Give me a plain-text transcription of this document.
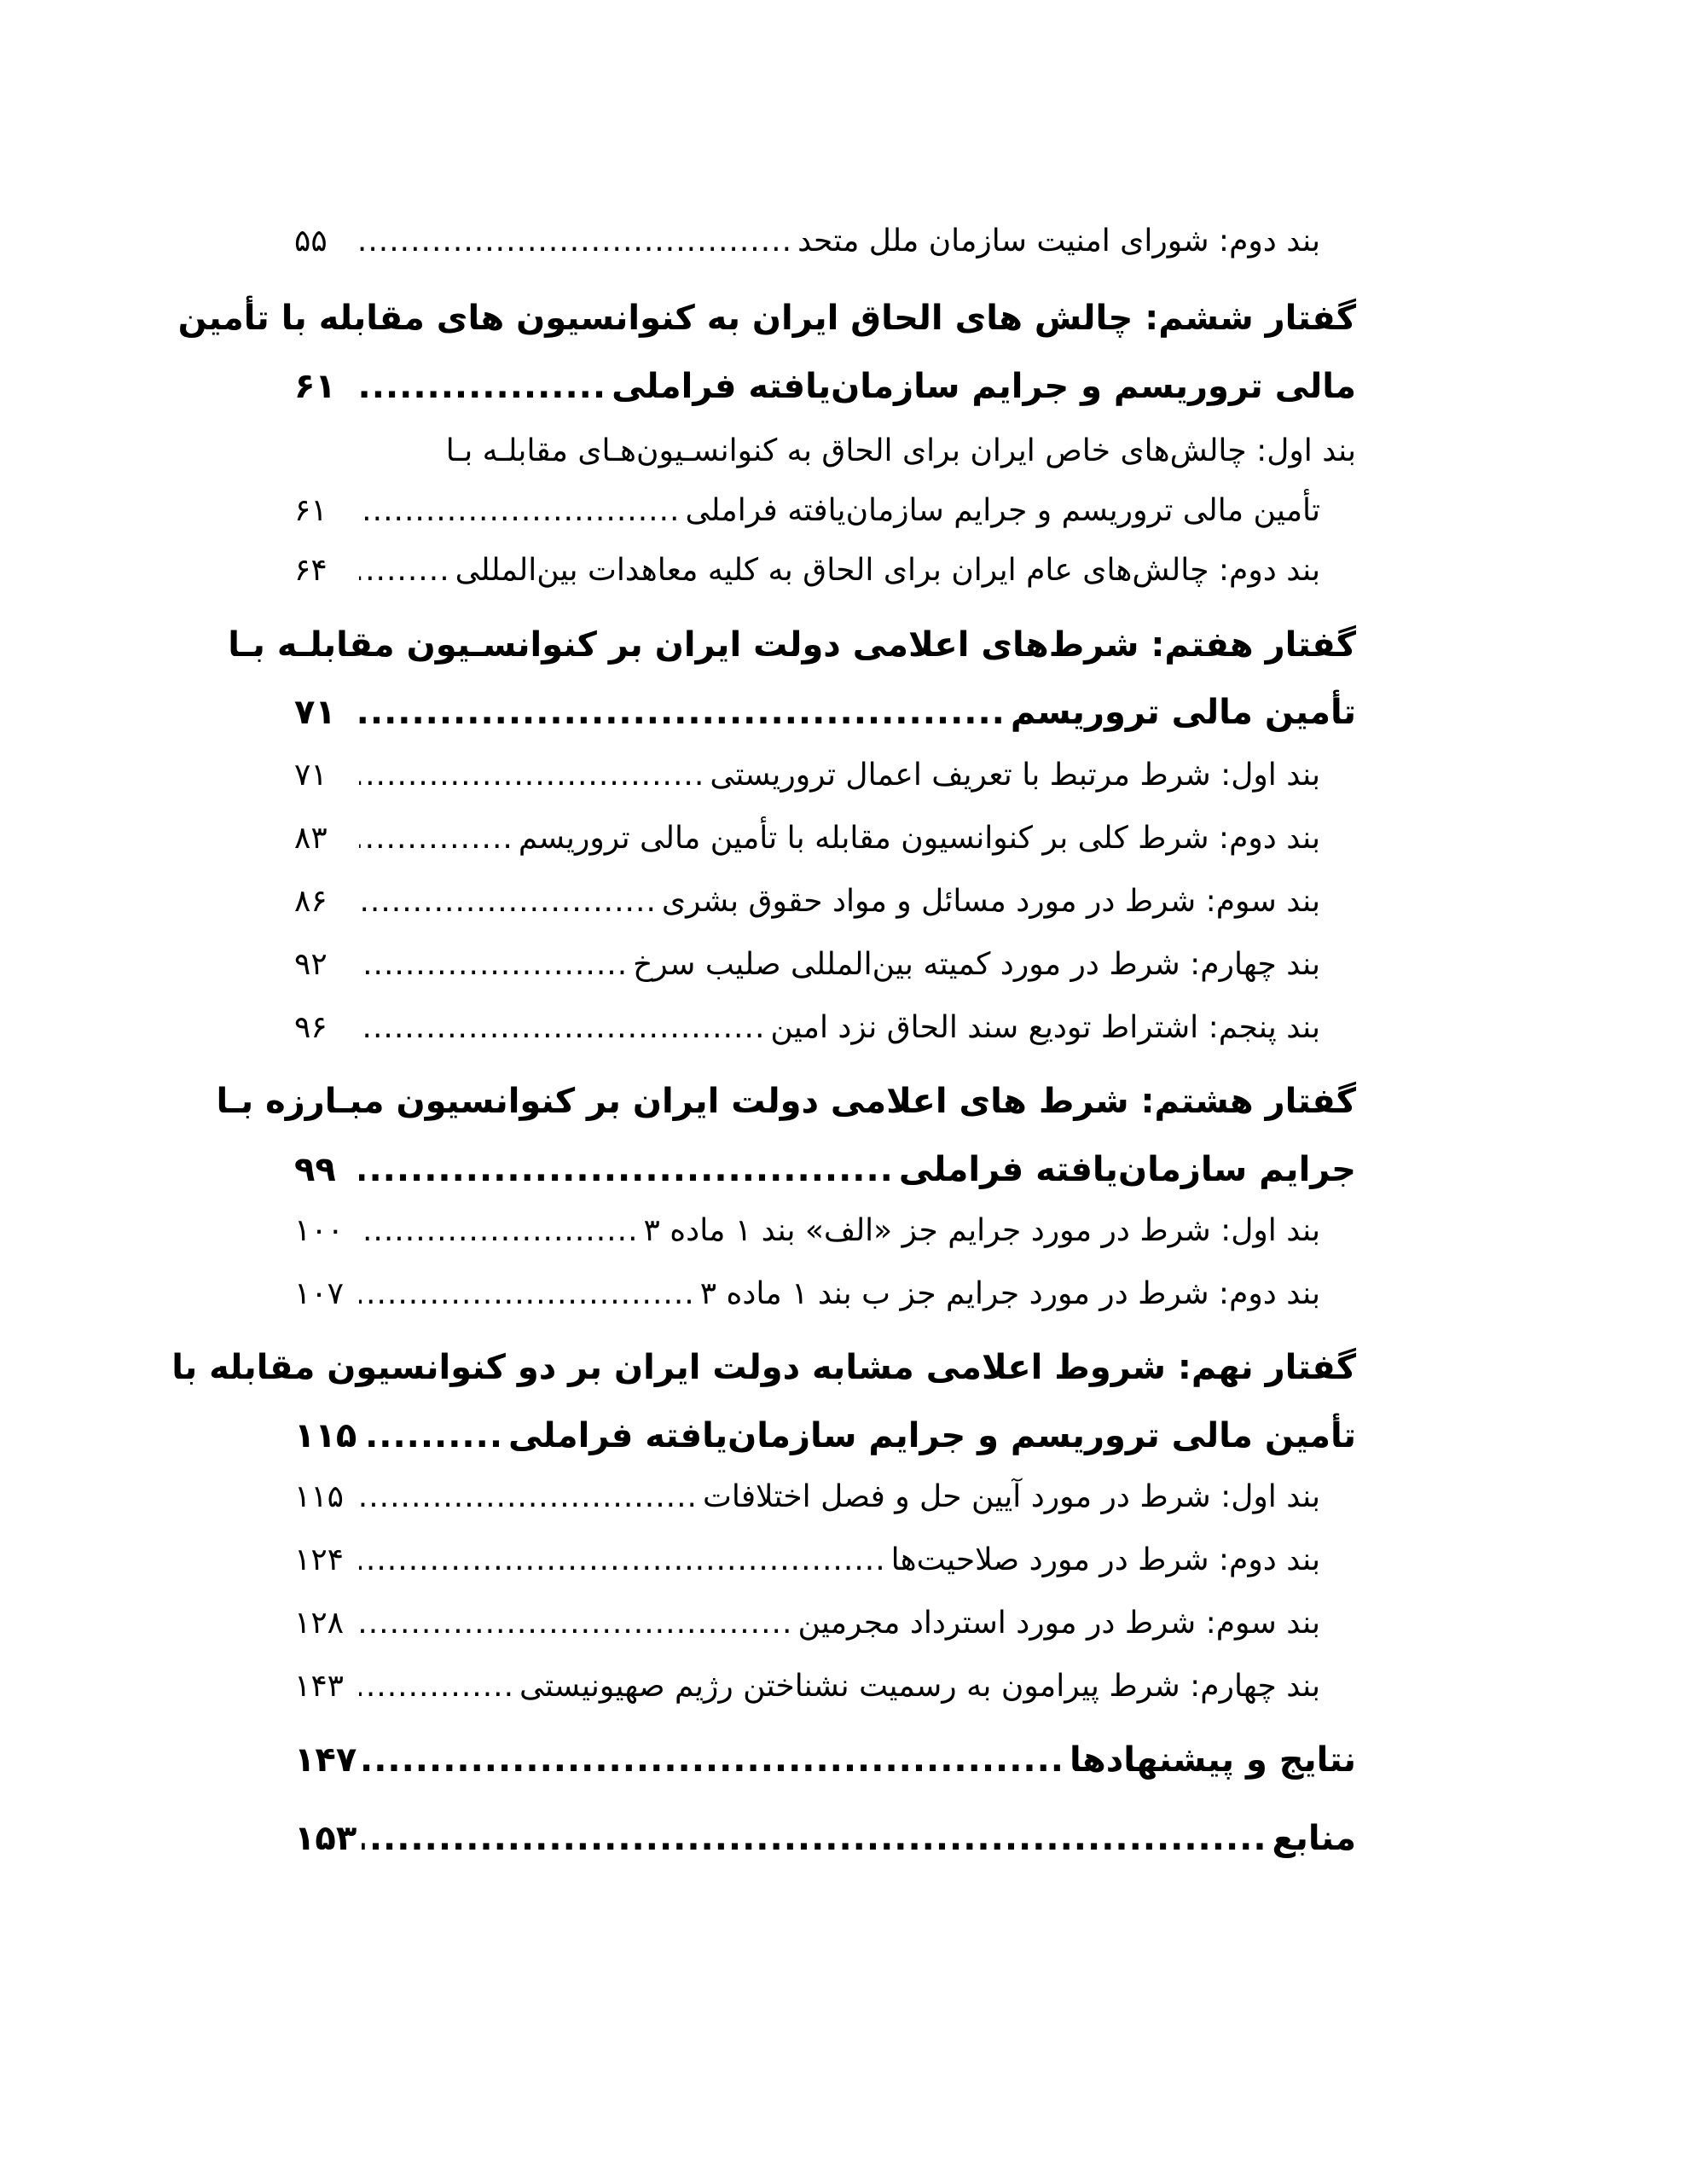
بند دوم: شورای امنیت سازمان ملل متحد
.....
۵۵
گفتار ششم: چالش های الحاق ایران به کنوانسیون های مقابله با تأمین
مالی تروریسم و جرایم سازمان‌یافته فراملی
.....
۶۱
بند اول: چالش‌های خاص ایران برای الحاق به کنوانسـیون‌هـای مقابلـه بـا
تأمین مالی تروریسم و جرایم سازمان‌یافته فراملی
.....
۶۱
بند دوم: چالش‌های عام ایران برای الحاق به کلیه معاهدات بین‌المللی
.....
۶۴
گفتار هفتم: شرط‌های اعلامی دولت ایران بر کنوانسـیون مقابلـه بـا
تأمین مالی تروریسم
.....
۷۱
بند اول: شرط مرتبط با تعریف اعمال تروریستی
.....
۷۱
بند دوم: شرط کلی بر کنوانسیون مقابله با تأمین مالی تروریسم
.....
۸۳
بند سوم: شرط در مورد مسائل و مواد حقوق بشری
.....
۸۶
بند چهارم: شرط در مورد کمیته بین‌المللی صلیب سرخ
.....
۹۲
بند پنجم: اشتراط تودیع سند الحاق نزد امین
.....
۹۶
گفتار هشتم: شرط های اعلامی دولت ایران بر کنوانسیون مبـارزه بـا
جرایم سازمان‌یافته فراملی
.....
۹۹
بند اول: شرط در مورد جرایم جز «الف» بند ۱ ماده ۳
.....
۱۰۰
بند دوم: شرط در مورد جرایم جز ب بند ۱ ماده ۳
.....
۱۰۷
گفتار نهم: شروط اعلامی مشابه دولت ایران بر دو کنوانسیون مقابله با
تأمین مالی تروریسم و جرایم سازمان‌یافته فراملی
.....
۱۱۵
بند اول: شرط در مورد آیین حل و فصل اختلافات
.....
۱۱۵
بند دوم: شرط در مورد صلاحیت‌ها
.....
۱۲۴
بند سوم: شرط در مورد استرداد مجرمین
.....
۱۲۸
بند چهارم: شرط پیرامون به رسمیت نشناختن رژیم صهیونیستی
.....
۱۴۳
نتایج و پیشنهادها
.....
۱۴۷
منابع
.....
۱۵۳
